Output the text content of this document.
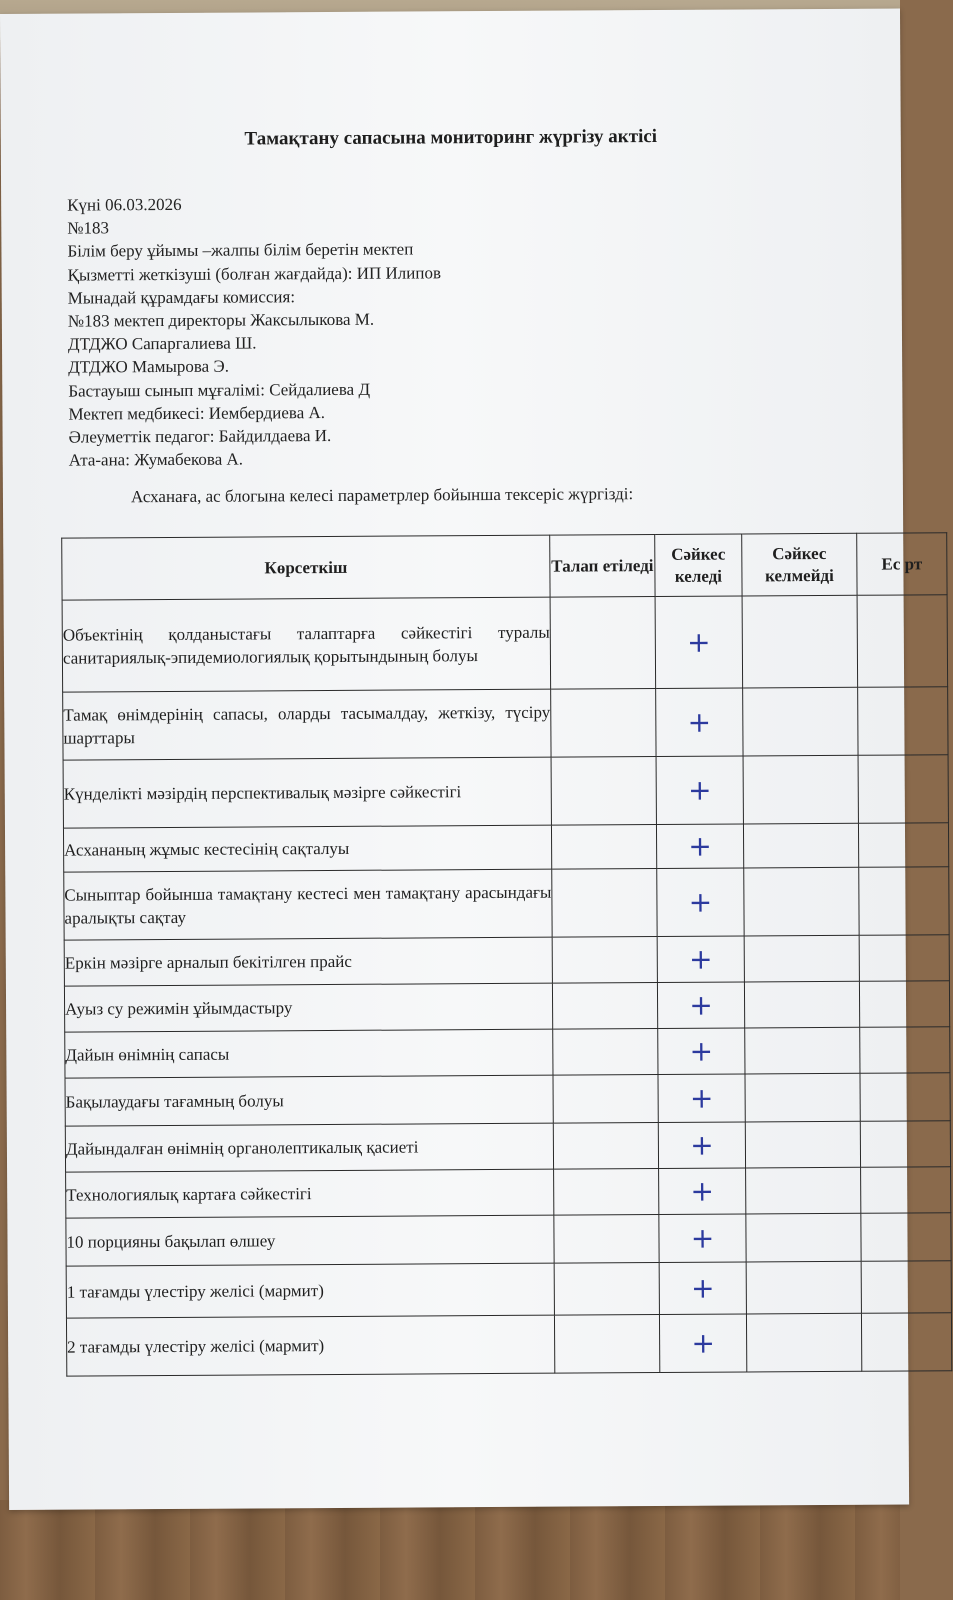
Тамақтану сапасына мониторинг жүргізу актісі
Күні 06.03.2026
№183
Білім беру ұйымы –жалпы білім беретін мектеп
Қызметті жеткізуші (болған жағдайда): ИП Илипов
Мынадай құрамдағы комиссия:
№183 мектеп директоры Жаксылыкова М.
ДТДЖО Сапаргалиева Ш.
ДТДЖО Мамырова Э.
Бастауыш сынып мұғалімі: Сейдалиева Д
Мектеп медбикесі: Иембердиева А.
Әлеуметтік педагог: Байдилдаева И.
Ата-ана: Жумабекова А.
Асханаға, ас блогына келесі параметрлер бойынша тексеріс жүргізді:
Көрсеткіш	Талап етіледі	Сәйкес келеді	Сәйкес келмейді	Ес рт
Объектінің қолданыстағы талаптарға сәйкестігі туралы санитариялық-эпидемиологиялық қорытындының болуы		+		
Тамақ өнімдерінің сапасы, оларды тасымалдау, жеткізу, түсіру шарттары		+		
Күнделікті мәзірдің перспективалық мәзірге сәйкестігі		+		
Асхананың жұмыс кестесінің сақталуы		+		
Сыныптар бойынша тамақтану кестесі мен тамақтану арасындағы аралықты сақтау		+		
Еркін мәзірге арналып бекітілген прайс		+		
Ауыз су режимін ұйымдастыру		+		
Дайын өнімнің сапасы		+		
Бақылаудағы тағамның болуы		+		
Дайындалған өнімнің органолептикалық қасиеті		+		
Технологиялық картаға сәйкестігі		+		
10 порцияны бақылап өлшеу		+		
1 тағамды үлестіру желісі (мармит)		+		
2 тағамды үлестіру желісі (мармит)		+		
